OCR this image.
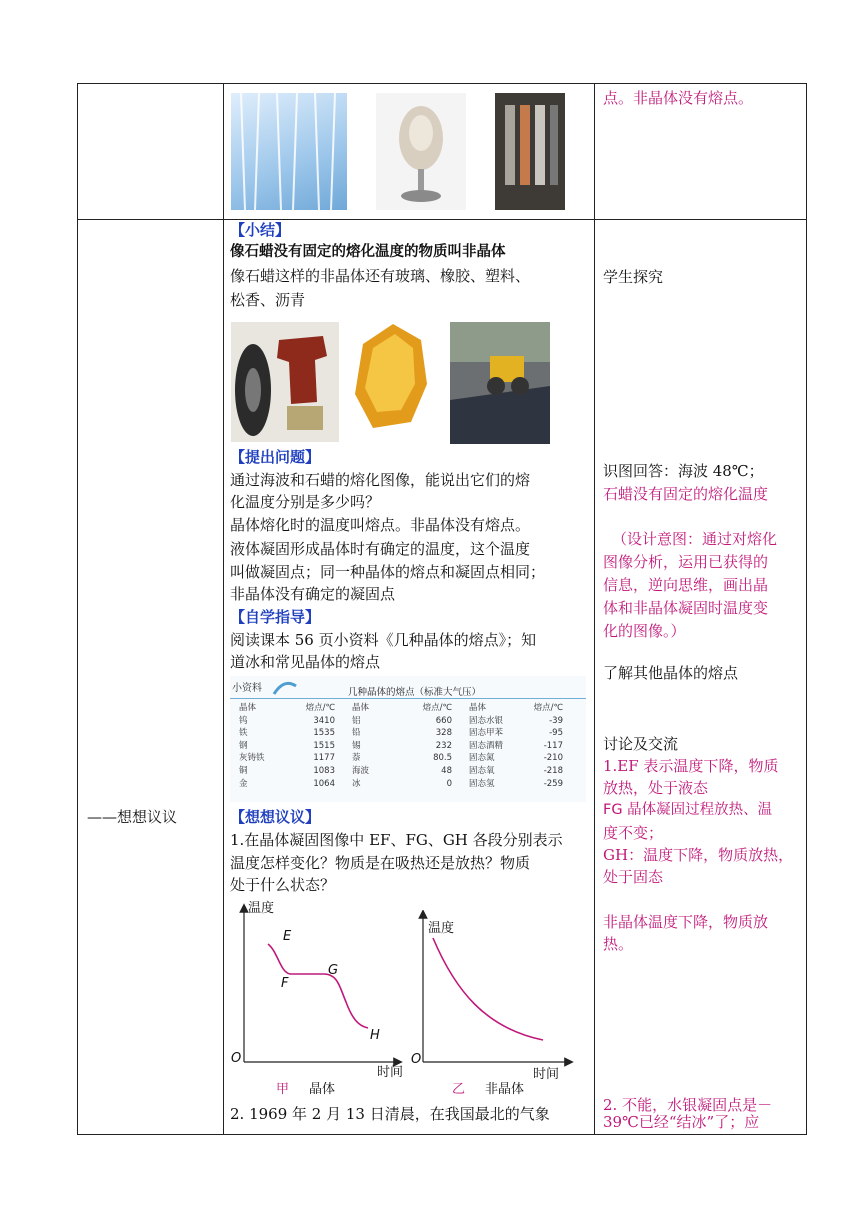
点。非晶体没有熔点。
——想想议议
【小结】
像石蜡没有固定的熔化温度的物质叫非晶体
像石蜡这样的非晶体还有玻璃、橡胶、塑料、
松香、沥青
【提出问题】
通过海波和石蜡的熔化图像，能说出它们的熔
化温度分别是多少吗？
晶体熔化时的温度叫熔点。非晶体没有熔点。
液体凝固形成晶体时有确定的温度，这个温度
叫做凝固点；同一种晶体的熔点和凝固点相同；
非晶体没有确定的凝固点
【自学指导】
阅读课本 56 页小资料《几种晶体的熔点》；知
道冰和常见晶体的熔点
小资料	几种晶体的熔点（标准大气压）
晶体	熔点/℃	晶体	熔点/℃	晶体	熔点/℃
钨	3410	铝	660	固态水银	-39
铁	1535	铅	328	固态甲苯	-95
钢	1515	锡	232	固态酒精	-117
灰铸铁	1177	萘	80.5	固态氮	-210
铜	1083	海波	48	固态氧	-218
金	1064	冰	0	固态氢	-259
【想想议议】
1.在晶体凝固图像中 EF、FG、GH 各段分别表示
温度怎样变化？物质是在吸热还是放热？物质
处于什么状态？
温度
O
时间
E
F
G
H
甲 晶体
温度
O
时间
乙 非晶体
2. 1969 年 2 月 13 日清晨，在我国最北的气象
学生探究
识图回答：海波 48℃；
石蜡没有固定的熔化温度
（设计意图：通过对熔化
图像分析，运用已获得的
信息，逆向思维，画出晶
体和非晶体凝固时温度变
化的图像。）
了解其他晶体的熔点
讨论及交流
1.EF 表示温度下降，物质
放热，处于液态
FG 晶体凝固过程放热、温
度不变；
GH：温度下降，物质放热，
处于固态
非晶体温度下降，物质放
热。
2. 不能，水银凝固点是－
39℃已经“结冰”了；应
